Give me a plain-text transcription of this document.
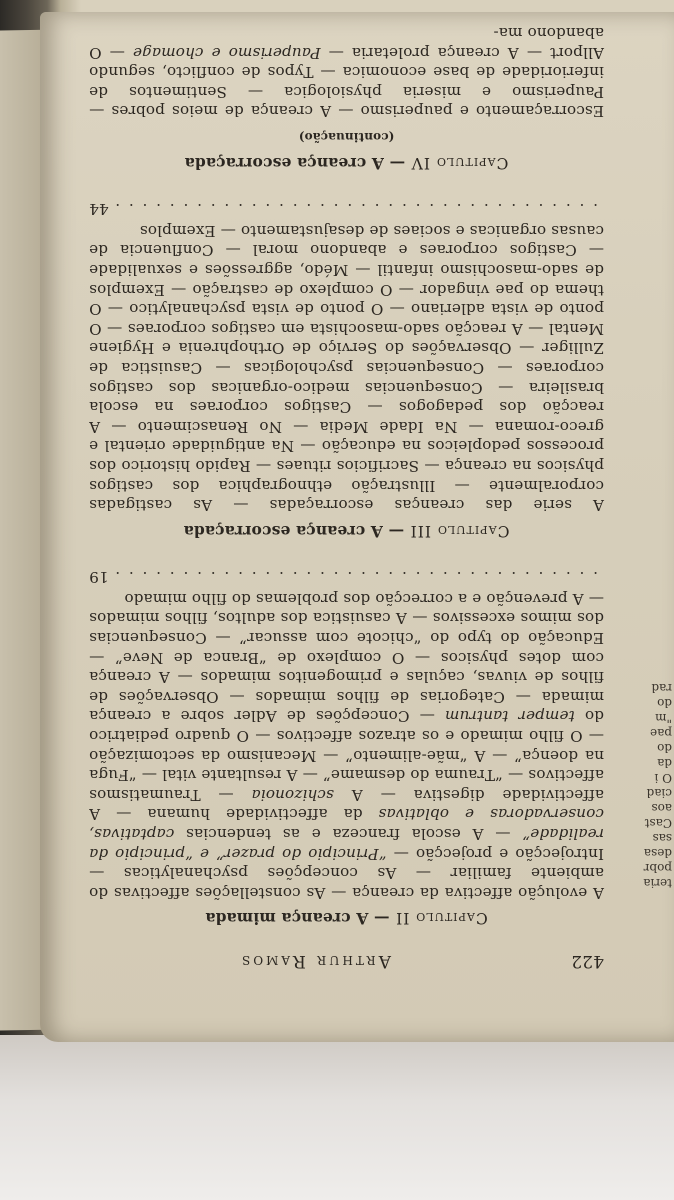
422
Arthur Ramos
Capitulo II — A creança mimada

A evolução affectiva da creança — As constellações affectivas do ambiente familiar — As concepções psychanalyticas — Introjecção e projecção — “Principio do prazer” e “principio da realidade” — A escola franceza e as tendencias captativas, conservadoras e oblativas da affectividade humana — A affectividade digestiva — A schizonoia — Traumatismos affectivos — “Trauma do desmame” — A resultante vital — “Fuga na doença” — A “mãe-alimento” — Mecanismo da sectomização — O filho mimado e os atrazos affectivos — O quadro pediatrico do temper tantrum — Concepções de Adler sobre a creança mimada — Categorias de filhos mimados — Observações de filhos de viuvas, caçulas e primogenitos mimados — A creança com dotes physicos — O complexo de “Branca de Neve” — Educação do typo do “chicote com assucar” — Consequencias dos mimos excessivos — A casuistica dos adultos, filhos mimados — A prevenção e a correcção dos problemas do filho mimado

. . .
19
Capitulo III — A creança escorraçada

A serie das creanças escorraçadas — As castigadas corporalmente — Illustração ethnographica dos castigos physicos na creança — Sacrificios rituaes — Rapido historico dos processos pedopleicos na educação — Na antiguidade oriental e greco-romana — Na Idade Media — No Renascimento — A reacção dos pedagogos — Castigos corporaes na escola brasileira — Consequencias medico-organicas dos castigos corporaes — Consequencias psychologicas — Casuistica de Zulliger — Observações do Serviço de Orthophrenia e Hygiene Mental — A reacção sado-masochista em castigos corporaes — O ponto de vista adleriano — O ponto de vista psychanalytico — O thema do pae vingador — O complexo de castração — Exemplos de sado-masochismo infantil — Médo, aggressões e sexualidade — Castigos corporaes e abandono moral — Confluencia de causas organicas e sociaes de desajustamento — Exemplos

. . .
44
Capitulo IV — A creança escorraçada
(continuação)

Escorraçamento e pauperismo — A creança de meios pobres — Pauperismo e miseria physiologica — Sentimentos de inferioridade de base economica — Typos de conflicto, segundo Allport — A creança proletaria — Pauperismo e chomage — O abandono ma-

teria
pobr
desa
sas
Cast
aos
ciad
O i
da
do
pae
"m
do
rad
